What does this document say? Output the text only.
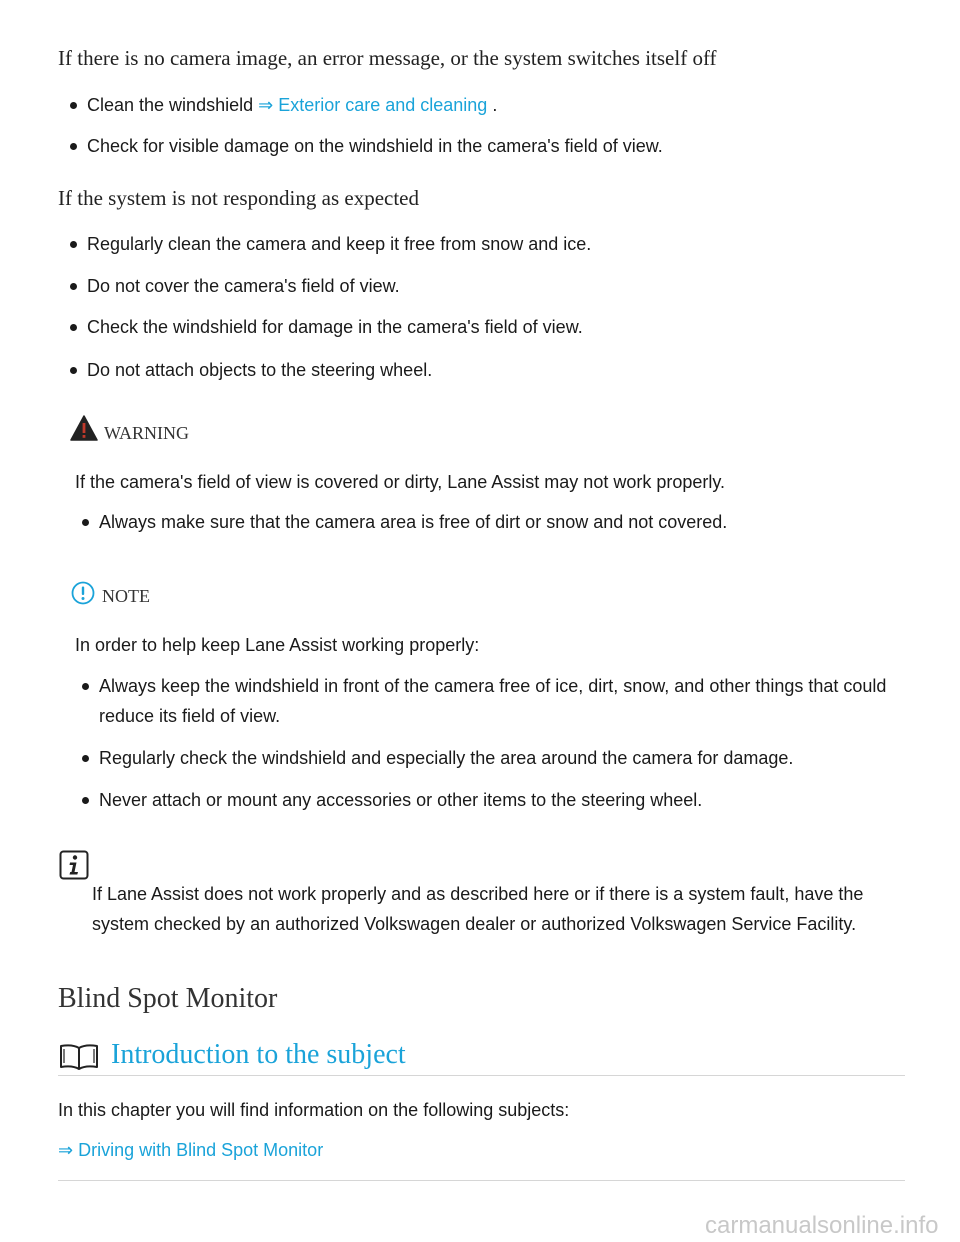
If there is no camera image, an error message, or the system switches itself off
Clean the windshield ⇒ Exterior care and cleaning .
Check for visible damage on the windshield in the camera's field of view.
If the system is not responding as expected
Regularly clean the camera and keep it free from snow and ice.
Do not cover the camera's field of view.
Check the windshield for damage in the camera's field of view.
Do not attach objects to the steering wheel.
WARNING
If the camera's field of view is covered or dirty, Lane Assist may not work properly.
Always make sure that the camera area is free of dirt or snow and not covered.
NOTE
In order to help keep Lane Assist working properly:
Always keep the windshield in front of the camera free of ice, dirt, snow, and other things that could reduce its field of view.
Regularly check the windshield and especially the area around the camera for damage.
Never attach or mount any accessories or other items to the steering wheel.
If Lane Assist does not work properly and as described here or if there is a system fault, have the system checked by an authorized Volkswagen dealer or authorized Volkswagen Service Facility.
Blind Spot Monitor
Introduction to the subject
In this chapter you will find information on the following subjects:
⇒ Driving with Blind Spot Monitor
carmanualsonline.info
